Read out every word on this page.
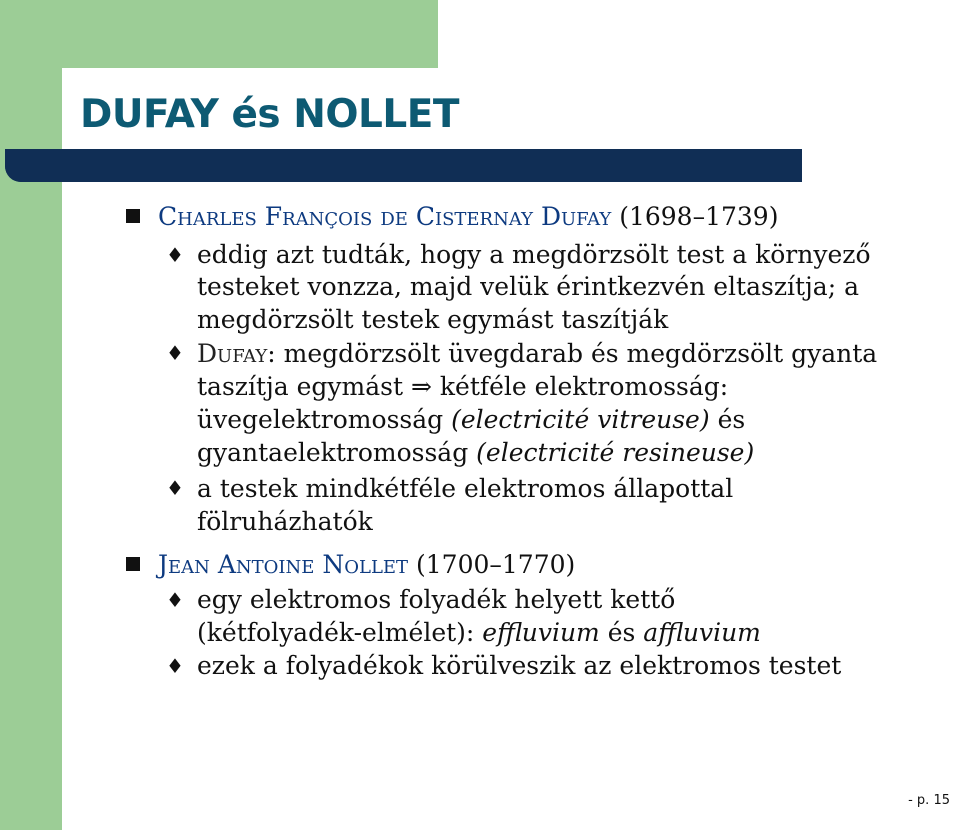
DUFAY és NOLLET
Charles François de Cisternay Dufay (1698–1739)
♦ eddig azt tudták, hogy a megdörzsölt test a környező
testeket vonzza, majd velük érintkezvén eltaszítja; a
megdörzsölt testek egymást taszítják
♦ Dufay: megdörzsölt üvegdarab és megdörzsölt gyanta
taszítja egymást ⇒ kétféle elektromosság:
üvegelektromosság (electricité vitreuse) és
gyantaelektromosság (electricité resineuse)
♦ a testek mindkétféle elektromos állapottal
fölruházhatók
Jean Antoine Nollet (1700–1770)
♦ egy elektromos folyadék helyett kettő
(kétfolyadék-elmélet): effluvium és affluvium
♦ ezek a folyadékok körülveszik az elektromos testet
- p. 15
